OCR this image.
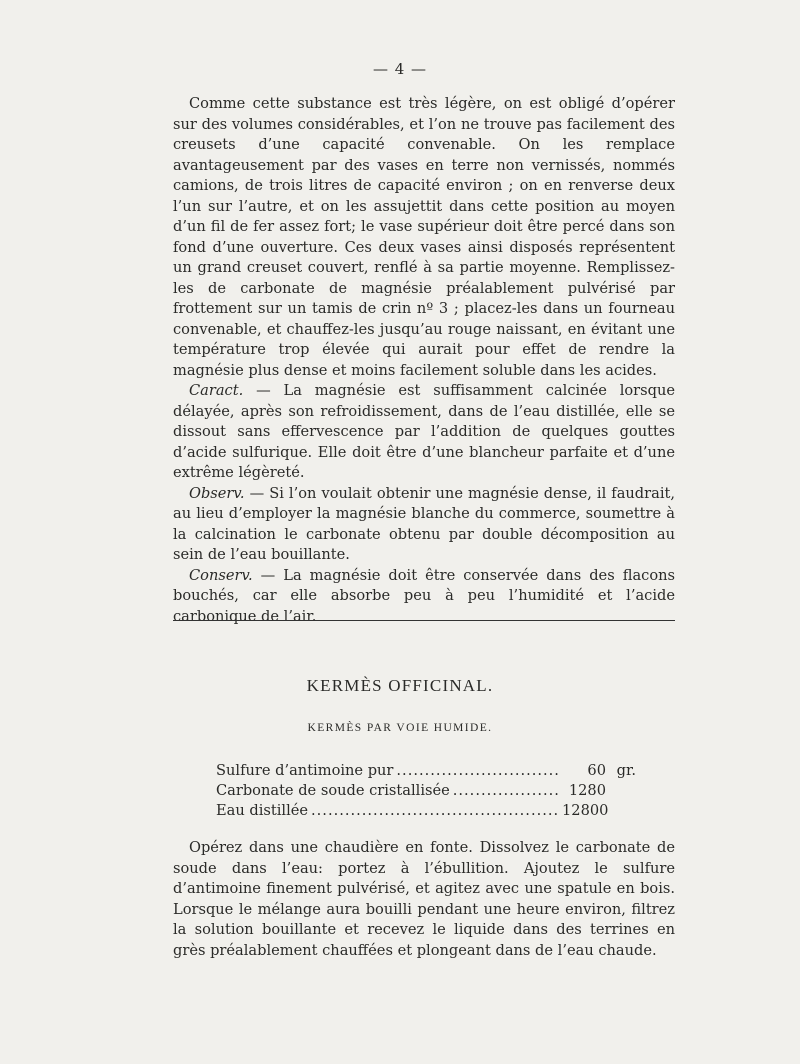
— 4 —

Comme cette substance est très légère, on est obligé d’opérer sur des volumes considérables, et l’on ne trouve pas facilement des creusets d’une capacité convenable. On les remplace avantageusement par des vases en terre non vernissés, nommés camions, de trois litres de capacité environ ; on en renverse deux l’un sur l’autre, et on les assujettit dans cette position au moyen d’un fil de fer assez fort; le vase supérieur doit être percé dans son fond d’une ouverture. Ces deux vases ainsi disposés représentent un grand creuset couvert, renflé à sa partie moyenne. Remplissez-les de carbonate de magnésie préalablement pulvérisé par frottement sur un tamis de crin nº 3 ; placez-les dans un fourneau convenable, et chauffez-les jusqu’au rouge naissant, en évitant une température trop élevée qui aurait pour effet de rendre la magnésie plus dense et moins facilement soluble dans les acides.

Caract. — La magnésie est suffisamment calcinée lorsque délayée, après son refroidissement, dans de l’eau distillée, elle se dissout sans effervescence par l’addition de quelques gouttes d’acide sulfurique. Elle doit être d’une blancheur parfaite et d’une extrême légèreté.

Observ. — Si l’on voulait obtenir une magnésie dense, il faudrait, au lieu d’employer la magnésie blanche du commerce, soumettre à la calcination le carbonate obtenu par double décomposition au sein de l’eau bouillante.

Conserv. — La magnésie doit être conservée dans des flacons bouchés, car elle absorbe peu à peu l’humidité et l’acide carbonique de l’air.

KERMÈS OFFICINAL.
KERMÈS PAR VOIE HUMIDE.
Sulfure d’antimoine pur .....	60 gr.
Carbonate de soude cristallisée .....	1280
Eau distillée .....	12800

Opérez dans une chaudière en fonte. Dissolvez le carbonate de soude dans l’eau: portez à l’ébullition. Ajoutez le sulfure d’antimoine finement pulvérisé, et agitez avec une spatule en bois. Lorsque le mélange aura bouilli pendant une heure environ, filtrez la solution bouillante et recevez le liquide dans des terrines en grès préalablement chauffées et plongeant dans de l’eau chaude.
